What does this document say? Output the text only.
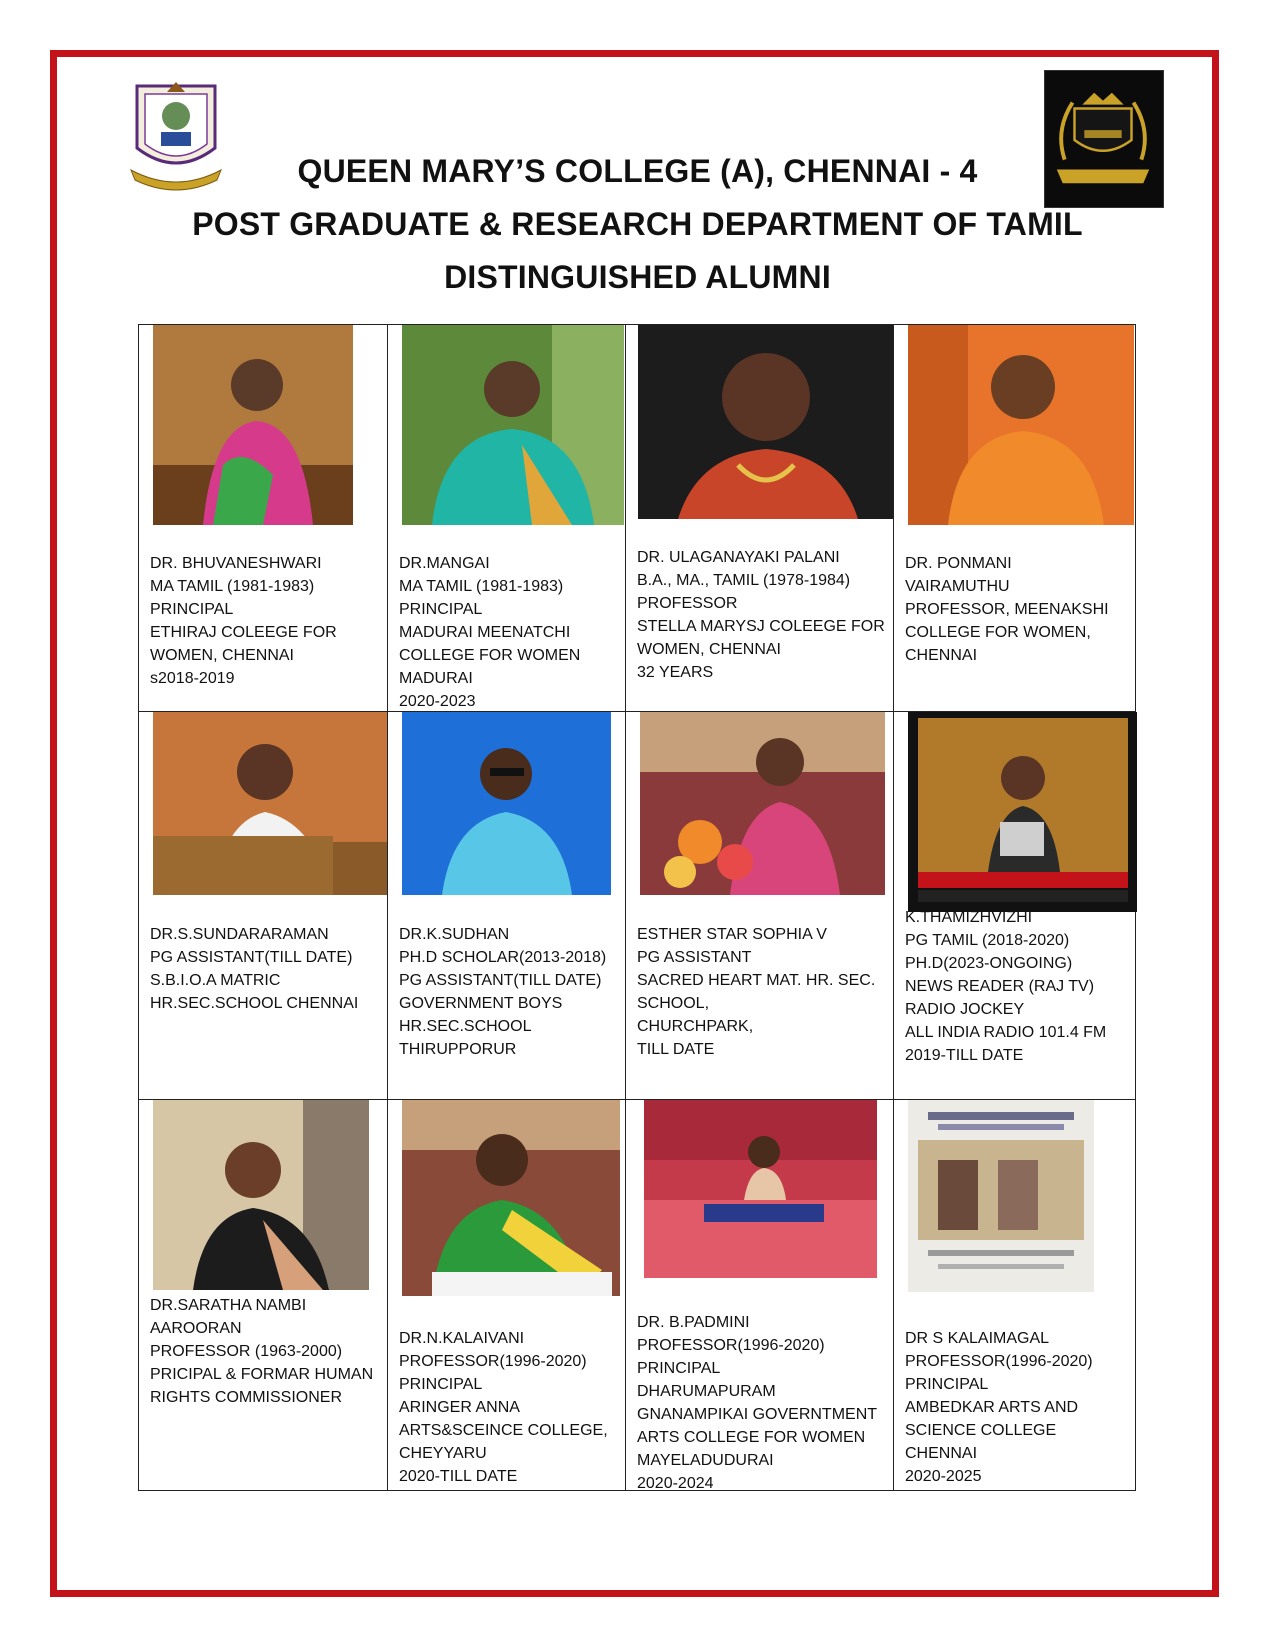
QUEEN MARY’S COLLEGE (A), CHENNAI - 4
POST GRADUATE & RESEARCH DEPARTMENT OF TAMIL
DISTINGUISHED ALUMNI
DR. BHUVANESHWARI
MA TAMIL (1981-1983)
PRINCIPAL
ETHIRAJ COLEEGE FOR
WOMEN, CHENNAI
s2018-2019
DR.MANGAI
MA TAMIL (1981-1983)
PRINCIPAL
MADURAI MEENATCHI
COLLEGE FOR WOMEN
MADURAI
2020-2023
DR. ULAGANAYAKI PALANI
B.A., MA., TAMIL (1978-1984)
PROFESSOR
STELLA MARYSJ COLEEGE FOR
WOMEN, CHENNAI
32 YEARS
DR. PONMANI
VAIRAMUTHU
PROFESSOR, MEENAKSHI
COLLEGE FOR WOMEN,
CHENNAI
DR.S.SUNDARARAMAN
PG ASSISTANT(TILL DATE)
S.B.I.O.A MATRIC
HR.SEC.SCHOOL CHENNAI
DR.K.SUDHAN
PH.D SCHOLAR(2013-2018)
PG ASSISTANT(TILL DATE)
GOVERNMENT BOYS
HR.SEC.SCHOOL
THIRUPPORUR
ESTHER STAR SOPHIA V
PG ASSISTANT
SACRED HEART MAT. HR. SEC.
SCHOOL,
CHURCHPARK,
TILL DATE
K.THAMIZHVIZHI
PG TAMIL (2018-2020)
PH.D(2023-ONGOING)
NEWS READER (RAJ TV)
RADIO JOCKEY
ALL INDIA RADIO 101.4 FM
2019-TILL DATE
DR.SARATHA NAMBI
AAROORAN
PROFESSOR (1963-2000)
PRICIPAL & FORMAR HUMAN
RIGHTS COMMISSIONER
DR.N.KALAIVANI
PROFESSOR(1996-2020)
PRINCIPAL
ARINGER ANNA
ARTS&SCEINCE COLLEGE,
CHEYYARU
2020-TILL DATE
DR. B.PADMINI
PROFESSOR(1996-2020)
PRINCIPAL
DHARUMAPURAM
GNANAMPIKAI GOVERNTMENT
ARTS COLLEGE FOR WOMEN
MAYELADUDURAI
2020-2024
DR S KALAIMAGAL
PROFESSOR(1996-2020)
PRINCIPAL
AMBEDKAR ARTS AND
SCIENCE COLLEGE
CHENNAI
2020-2025
